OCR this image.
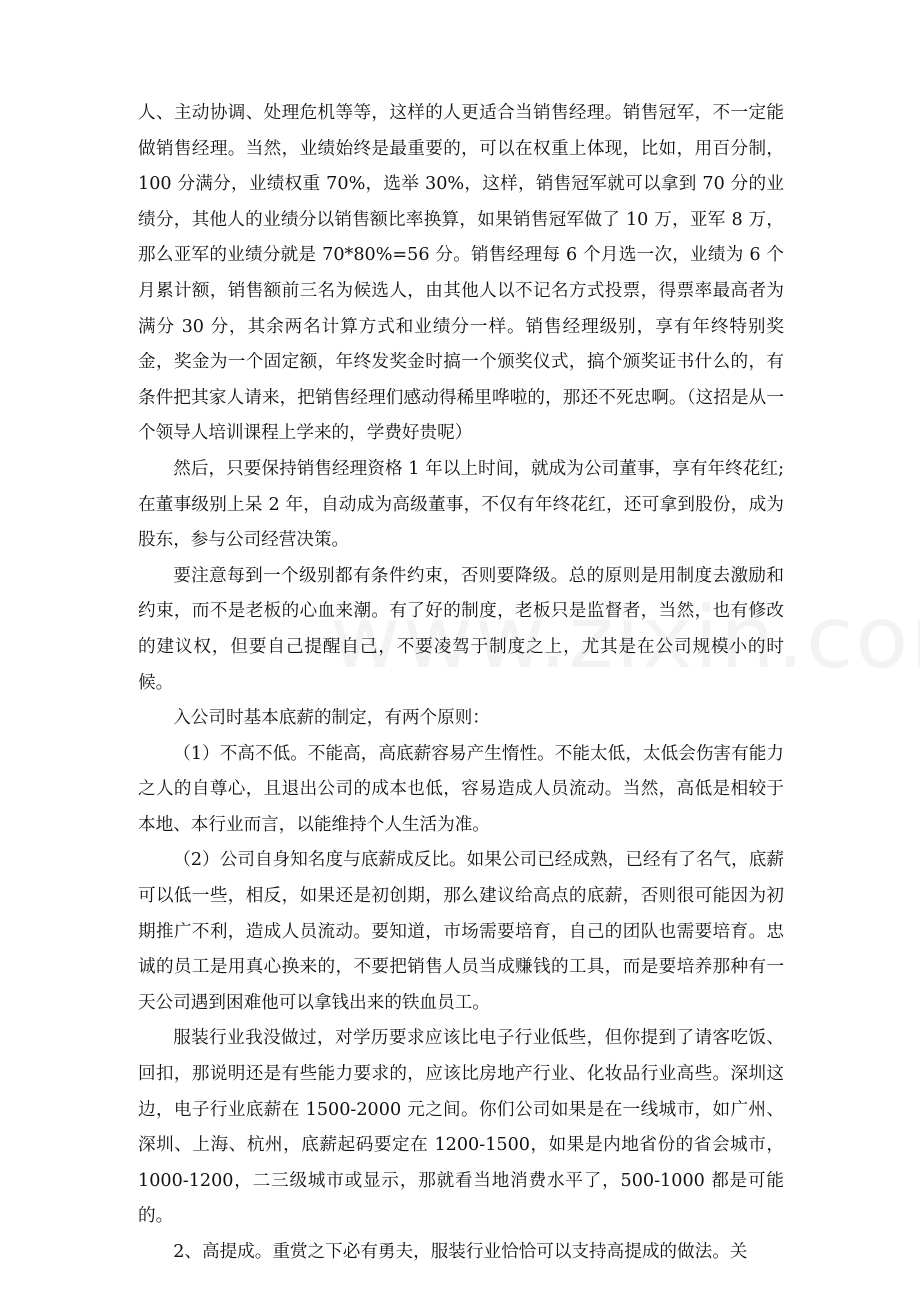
人、主动协调、处理危机等等，这样的人更适合当销售经理。销售冠军，不一定能做销售经理。当然，业绩始终是最重要的，可以在权重上体现，比如，用百分制，100 分满分，业绩权重 70%，选举 30%，这样，销售冠军就可以拿到 70 分的业绩分，其他人的业绩分以销售额比率换算，如果销售冠军做了 10 万，亚军 8 万，那么亚军的业绩分就是 70*80%=56 分。销售经理每 6 个月选一次，业绩为 6 个月累计额，销售额前三名为候选人，由其他人以不记名方式投票，得票率最高者为满分 30 分，其余两名计算方式和业绩分一样。销售经理级别，享有年终特别奖金，奖金为一个固定额，年终发奖金时搞一个颁奖仪式，搞个颁奖证书什么的，有条件把其家人请来，把销售经理们感动得稀里哗啦的，那还不死忠啊。（这招是从一个领导人培训课程上学来的，学费好贵呢）

然后，只要保持销售经理资格 1 年以上时间，就成为公司董事，享有年终花红; 在董事级别上呆 2 年，自动成为高级董事，不仅有年终花红，还可拿到股份，成为股东，参与公司经营决策。

要注意每到一个级别都有条件约束，否则要降级。总的原则是用制度去激励和约束，而不是老板的心血来潮。有了好的制度，老板只是监督者，当然，也有修改的建议权，但要自己提醒自己，不要凌驾于制度之上，尤其是在公司规模小的时候。

入公司时基本底薪的制定，有两个原则：

（1）不高不低。不能高，高底薪容易产生惰性。不能太低，太低会伤害有能力之人的自尊心，且退出公司的成本也低，容易造成人员流动。当然，高低是相较于本地、本行业而言，以能维持个人生活为准。

（2）公司自身知名度与底薪成反比。如果公司已经成熟，已经有了名气，底薪可以低一些，相反，如果还是初创期，那么建议给高点的底薪，否则很可能因为初期推广不利，造成人员流动。要知道，市场需要培育，自己的团队也需要培育。忠诚的员工是用真心换来的，不要把销售人员当成赚钱的工具，而是要培养那种有一天公司遇到困难他可以拿钱出来的铁血员工。

服装行业我没做过，对学历要求应该比电子行业低些，但你提到了请客吃饭、回扣，那说明还是有些能力要求的，应该比房地产行业、化妆品行业高些。深圳这边，电子行业底薪在 1500-2000 元之间。你们公司如果是在一线城市，如广州、深圳、上海、杭州，底薪起码要定在 1200-1500，如果是内地省份的省会城市，1000-1200，二三级城市或显示，那就看当地消费水平了，500-1000 都是可能的。

2、高提成。重赏之下必有勇夫，服装行业恰恰可以支持高提成的做法。关
